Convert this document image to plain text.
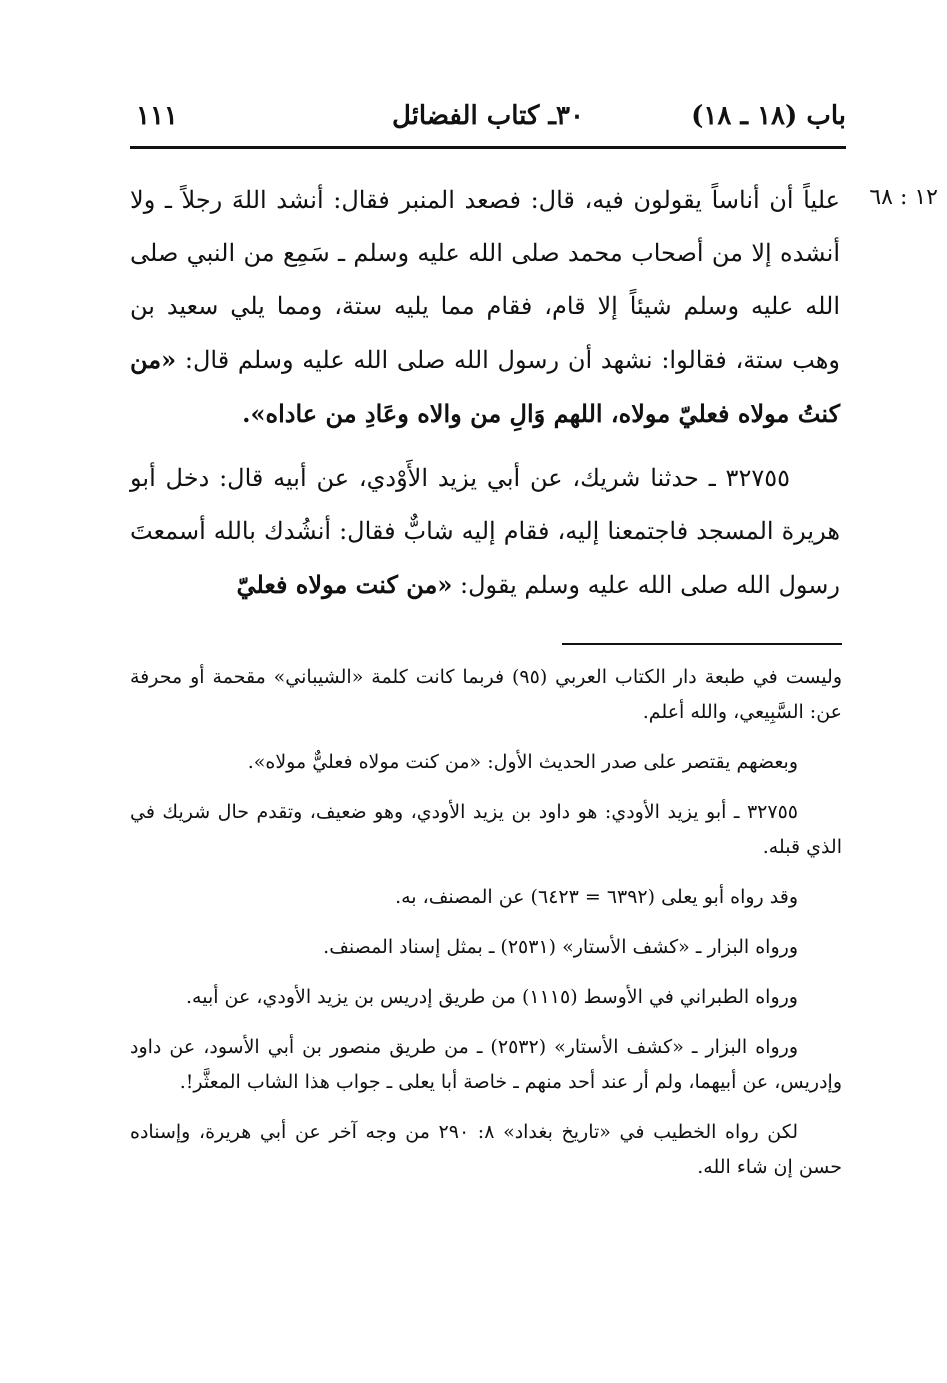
باب (١٨ ـ ١٨)
٣٠ـ كتاب الفضائل
١١١
١٢ : ٦٨

علياً أن أناساً يقولون فيه، قال: فصعد المنبر فقال: أنشد اللهَ رجلاً ـ ولا أنشده إلا من أصحاب محمد صلى الله عليه وسلم ـ سَمِع من النبي صلى الله عليه وسلم شيئاً إلا قام، فقام مما يليه ستة، ومما يلي سعيد بن وهب ستة، فقالوا: نشهد أن رسول الله صلى الله عليه وسلم قال: «من كنتُ مولاه فعليّ مولاه، اللهم وَالِ من والاه وعَادِ من عاداه».

٣٢٧٥٥ ـ حدثنا شريك، عن أبي يزيد الأَوْدي، عن أبيه قال: دخل أبو هريرة المسجد فاجتمعنا إليه، فقام إليه شابٌّ فقال: أنشُدك بالله أسمعتَ رسول الله صلى الله عليه وسلم يقول: «من كنت مولاه فعليّ

وليست في طبعة دار الكتاب العربي (٩٥) فربما كانت كلمة «الشيباني» مقحمة أو محرفة عن: السَّبِيعي، والله أعلم.

وبعضهم يقتصر على صدر الحديث الأول: «من كنت مولاه فعليٌّ مولاه».

٣٢٧٥٥ ـ أبو يزيد الأودي: هو داود بن يزيد الأودي، وهو ضعيف، وتقدم حال شريك في الذي قبله.

وقد رواه أبو يعلى (٦٣٩٢ = ٦٤٢٣) عن المصنف، به.

ورواه البزار ـ «كشف الأستار» (٢٥٣١) ـ بمثل إسناد المصنف.

ورواه الطبراني في الأوسط (١١١٥) من طريق إدريس بن يزيد الأودي، عن أبيه.

ورواه البزار ـ «كشف الأستار» (٢٥٣٢) ـ من طريق منصور بن أبي الأسود، عن داود وإدريس، عن أبيهما، ولم أر عند أحد منهم ـ خاصة أبا يعلى ـ جواب هذا الشاب المعثَّر!.

لكن رواه الخطيب في «تاريخ بغداد» ٨: ٢٩٠ من وجه آخر عن أبي هريرة، وإسناده حسن إن شاء الله.
